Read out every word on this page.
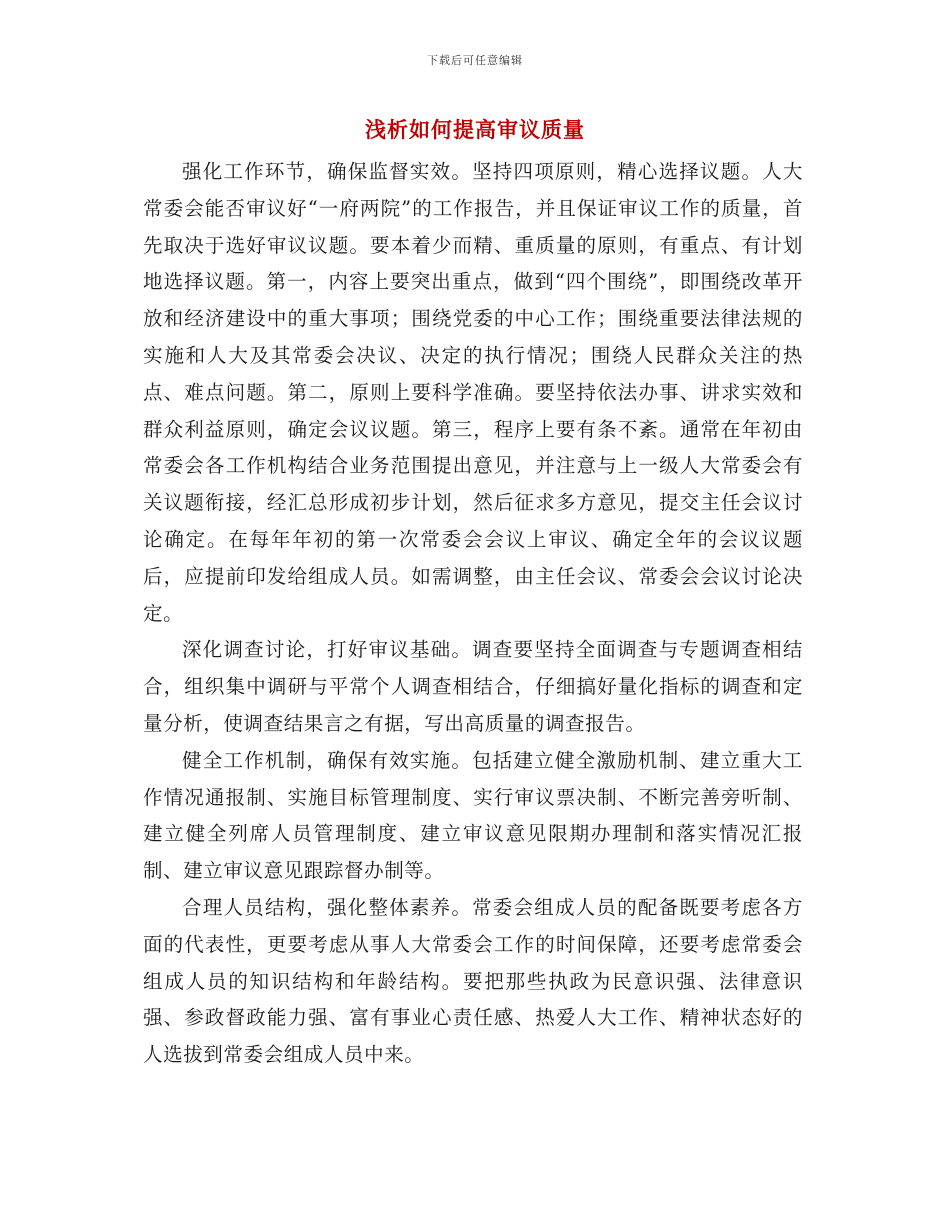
下载后可任意编辑
浅析如何提高审议质量

强化工作环节，确保监督实效。坚持四项原则，精心选择议题。人大常委会能否审议好“一府两院”的工作报告，并且保证审议工作的质量，首先取决于选好审议议题。要本着少而精、重质量的原则，有重点、有计划地选择议题。第一，内容上要突出重点，做到“四个围绕”，即围绕改革开放和经济建设中的重大事项；围绕党委的中心工作；围绕重要法律法规的实施和人大及其常委会决议、决定的执行情况；围绕人民群众关注的热点、难点问题。第二，原则上要科学准确。要坚持依法办事、讲求实效和群众利益原则，确定会议议题。第三，程序上要有条不紊。通常在年初由常委会各工作机构结合业务范围提出意见，并注意与上一级人大常委会有关议题衔接，经汇总形成初步计划，然后征求多方意见，提交主任会议讨论确定。在每年年初的第一次常委会会议上审议、确定全年的会议议题后，应提前印发给组成人员。如需调整，由主任会议、常委会会议讨论决定。

深化调查讨论，打好审议基础。调查要坚持全面调查与专题调查相结合，组织集中调研与平常个人调查相结合，仔细搞好量化指标的调查和定量分析，使调查结果言之有据，写出高质量的调查报告。

健全工作机制，确保有效实施。包括建立健全激励机制、建立重大工作情况通报制、实施目标管理制度、实行审议票决制、不断完善旁听制、建立健全列席人员管理制度、建立审议意见限期办理制和落实情况汇报制、建立审议意见跟踪督办制等。

合理人员结构，强化整体素养。常委会组成人员的配备既要考虑各方面的代表性，更要考虑从事人大常委会工作的时间保障，还要考虑常委会组成人员的知识结构和年龄结构。要把那些执政为民意识强、法律意识强、参政督政能力强、富有事业心责任感、热爱人大工作、精神状态好的人选拔到常委会组成人员中来。
